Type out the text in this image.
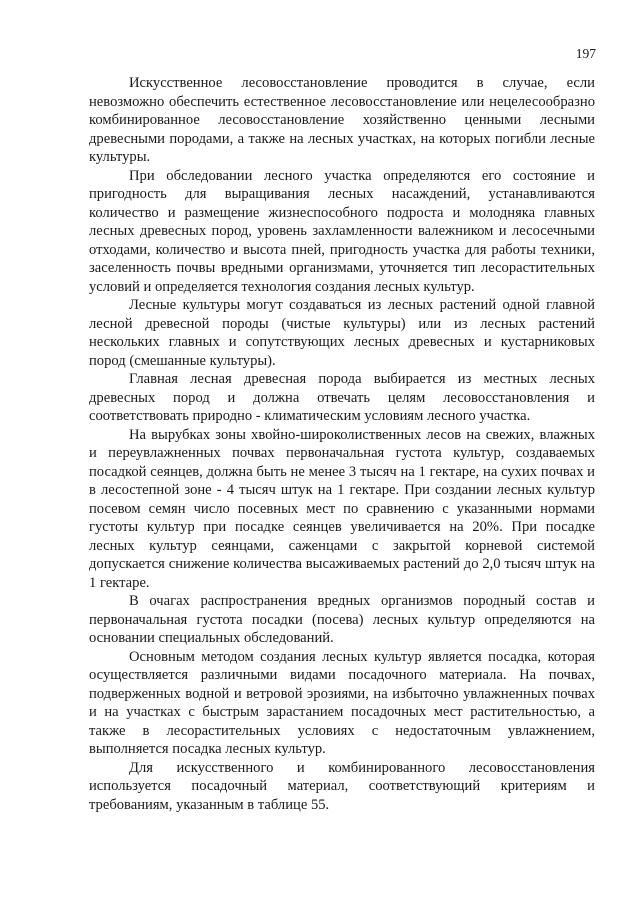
197

Искусственное лесовосстановление проводится в случае, если невозможно обеспечить естественное лесовосстановление или нецелесообразно комбинированное лесовосстановление хозяйственно ценными лесными древесными породами, а также на лесных участках, на которых погибли лесные культуры.

При обследовании лесного участка определяются его состояние и пригодность для выращивания лесных насаждений, устанавливаются количество и размещение жизнеспособного подроста и молодняка главных лесных древесных пород, уровень захламленности валежником и лесосечными отходами, количество и высота пней, пригодность участка для работы техники, заселенность почвы вредными организмами, уточняется тип лесорастительных условий и определяется технология создания лесных культур.

Лесные культуры могут создаваться из лесных растений одной главной лесной древесной породы (чистые культуры) или из лесных растений нескольких главных и сопутствующих лесных древесных и кустарниковых пород (смешанные культуры).

Главная лесная древесная порода выбирается из местных лесных древесных пород и должна отвечать целям лесовосстановления и соответствовать природно - климатическим условиям лесного участка.

На вырубках зоны хвойно-широколиственных лесов на свежих, влажных и переувлажненных почвах первоначальная густота культур, создаваемых посадкой сеянцев, должна быть не менее 3 тысяч на 1 гектаре, на сухих почвах и в лесостепной зоне - 4 тысяч штук на 1 гектаре. При создании лесных культур посевом семян число посевных мест по сравнению с указанными нормами густоты культур при посадке сеянцев увеличивается на 20%. При посадке лесных культур сеянцами, саженцами с закрытой корневой системой допускается снижение количества высаживаемых растений до 2,0 тысяч штук на 1 гектаре.

В очагах распространения вредных организмов породный состав и первоначальная густота посадки (посева) лесных культур определяются на основании специальных обследований.

Основным методом создания лесных культур является посадка, которая осуществляется различными видами посадочного материала. На почвах, подверженных водной и ветровой эрозиями, на избыточно увлажненных почвах и на участках с быстрым зарастанием посадочных мест растительностью, а также в лесорастительных условиях с недостаточным увлажнением, выполняется посадка лесных культур.

Для искусственного и комбинированного лесовосстановления используется посадочный материал, соответствующий критериям и требованиям, указанным в таблице 55.
